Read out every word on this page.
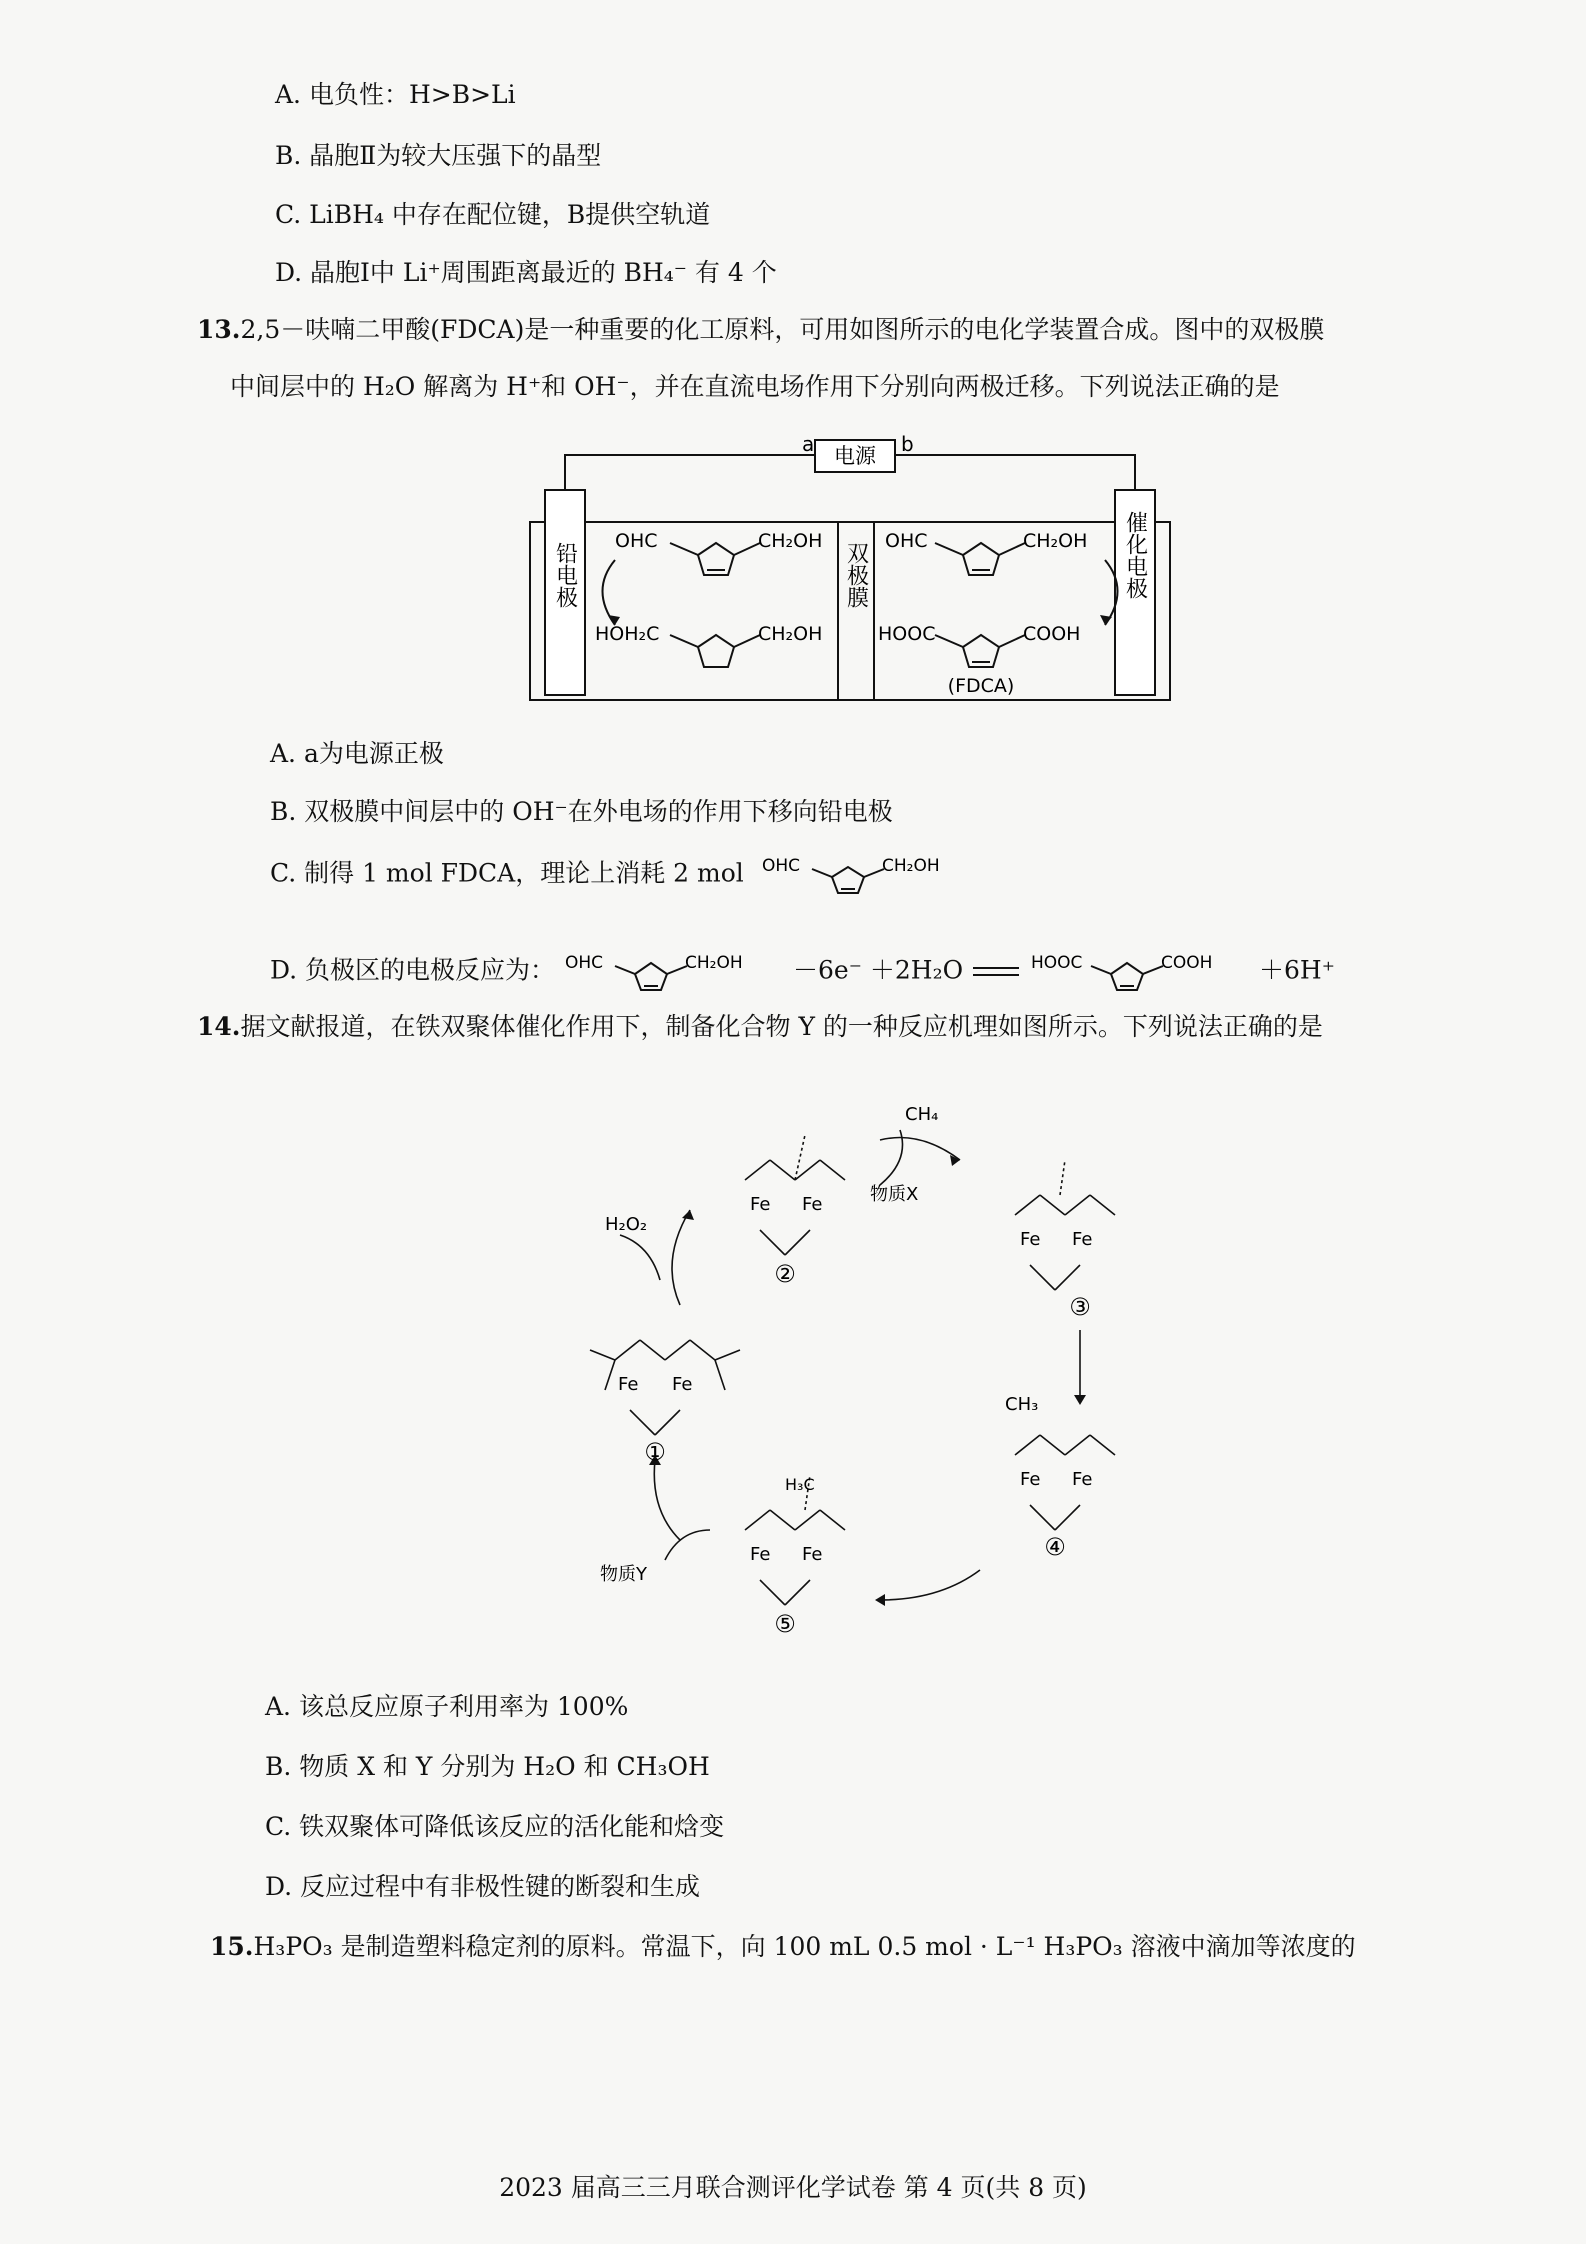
A. 电负性：H>B>Li
B. 晶胞Ⅱ为较大压强下的晶型
C. LiBH₄ 中存在配位键，B提供空轨道
D. 晶胞Ⅰ中 Li⁺周围距离最近的 BH₄⁻ 有 4 个
13.2,5－呋喃二甲酸(FDCA)是一种重要的化工原料，可用如图所示的电化学装置合成。图中的双极膜
中间层中的 H₂O 解离为 H⁺和 OH⁻，并在直流电场作用下分别向两极迁移。下列说法正确的是
a	b
电源
铅电极	双极膜	催化电极
OHC	CH₂OH
HOH₂C	CH₂OH
OHC	CH₂OH
HOOC	COOH
(FDCA)
A. a为电源正极
B. 双极膜中间层中的 OH⁻在外电场的作用下移向铅电极
C. 制得 1 mol FDCA，理论上消耗 2 mol OHC	CH₂OH
D. 负极区的电极反应为： OHC	CH₂OH －6e⁻ ＋2H₂O	HOOC	COOH ＋6H⁺
14.据文献报道，在铁双聚体催化作用下，制备化合物 Y 的一种反应机理如图所示。下列说法正确的是
Fe Fe
Fe Fe
Fe Fe
Fe Fe
Fe Fe
①
②
③
④
⑤
H₂O₂
CH₄
物质X
物质Y
CH₃
H₃C
A. 该总反应原子利用率为 100%
B. 物质 X 和 Y 分别为 H₂O 和 CH₃OH
C. 铁双聚体可降低该反应的活化能和焓变
D. 反应过程中有非极性键的断裂和生成
15.H₃PO₃ 是制造塑料稳定剂的原料。常温下，向 100 mL 0.5 mol · L⁻¹ H₃PO₃ 溶液中滴加等浓度的
2023 届高三三月联合测评化学试卷 第 4 页(共 8 页)
